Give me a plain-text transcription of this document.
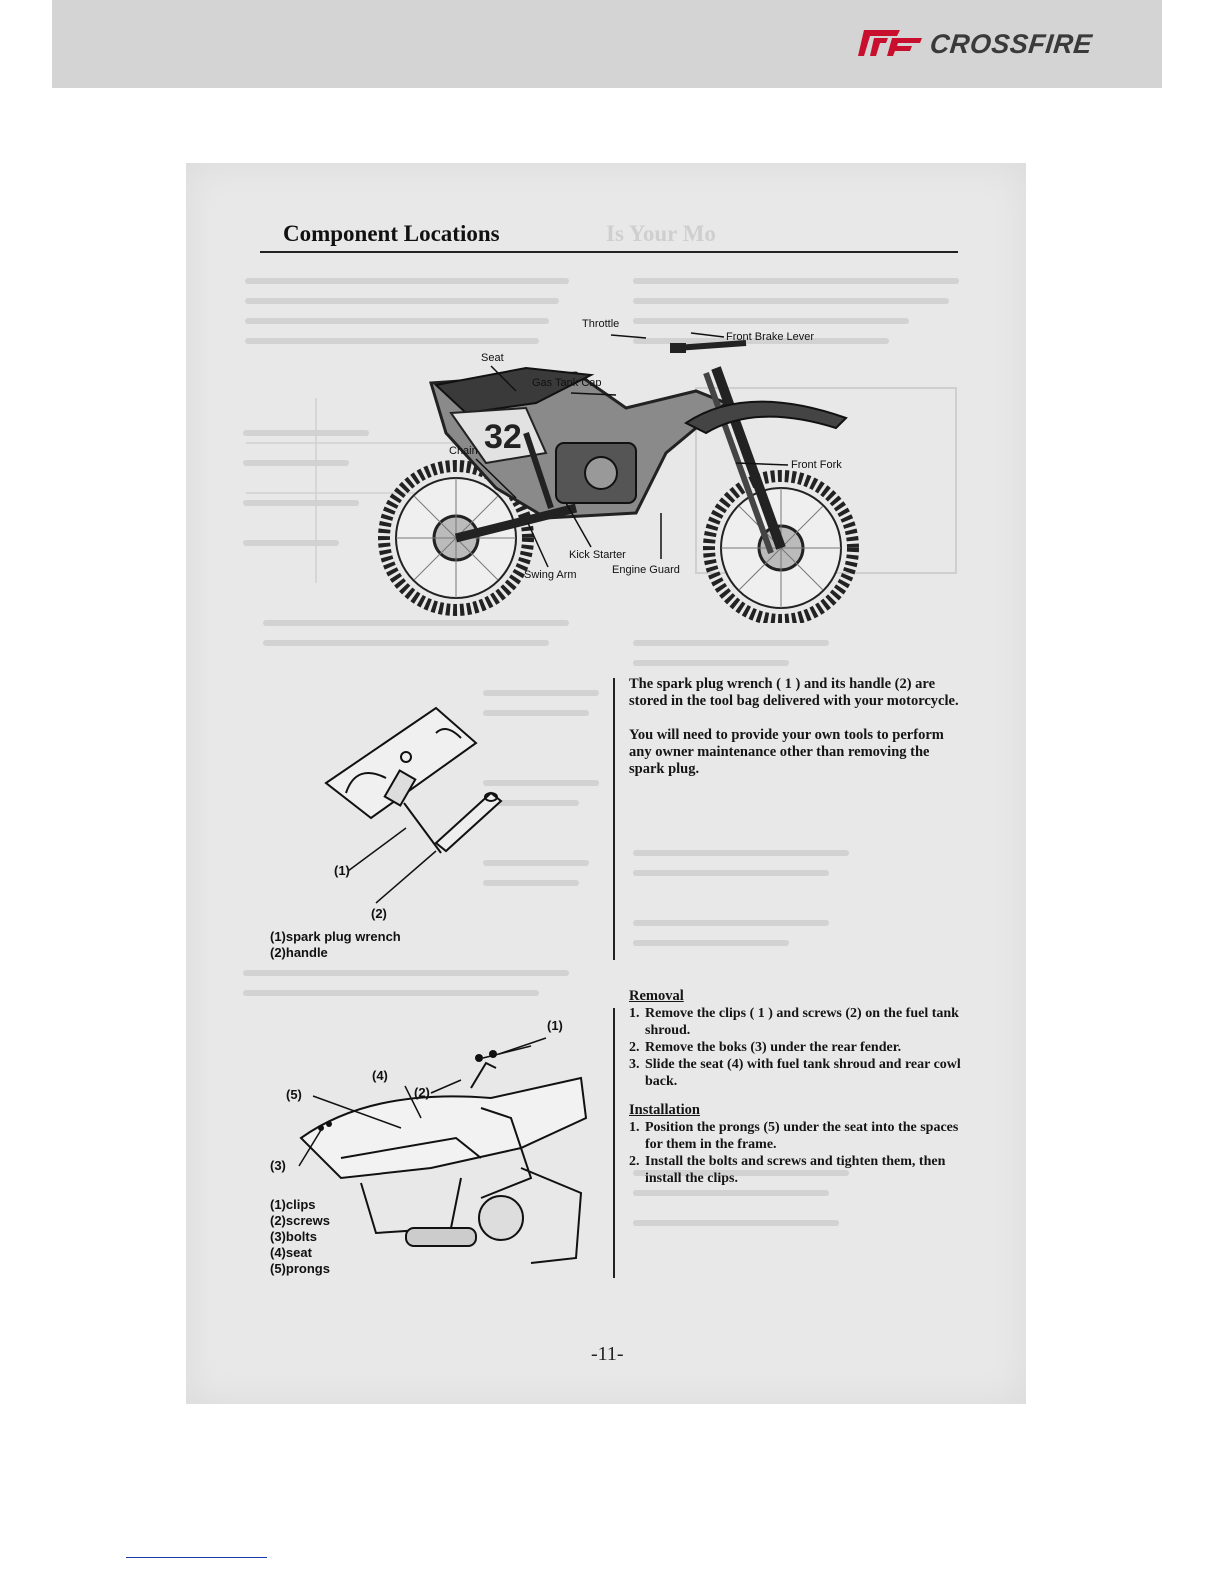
CROSSFIRE
Is Your Mo
Component Locations
32
Throttle
Front Brake Lever
Seat
Gas Tank Cap
Chain
Front Fork
Kick Starter
Engine Guard
Swing Arm

The spark plug wrench ( 1 ) and its handle (2) are stored in the tool bag delivered with your motorcycle.

You will need to provide your own tools to perform any owner maintenance other than removing the spark plug.

(1)
(2)
(1)spark plug wrench
(2)handle
Removal
1. Remove the clips ( 1 ) and screws (2) on the fuel tank shroud.
2. Remove the boks (3) under the rear fender.
3. Slide the seat (4) with fuel tank shroud and rear cowl back.
Installation
1. Position the prongs (5) under the seat into the spaces for them in the frame.
2. Install the bolts and screws and tighten them, then install the clips.
(1)
(2)
(3)
(4)
(5)
(1)clips
(2)screws
(3)bolts
(4)seat
(5)prongs
-11-
